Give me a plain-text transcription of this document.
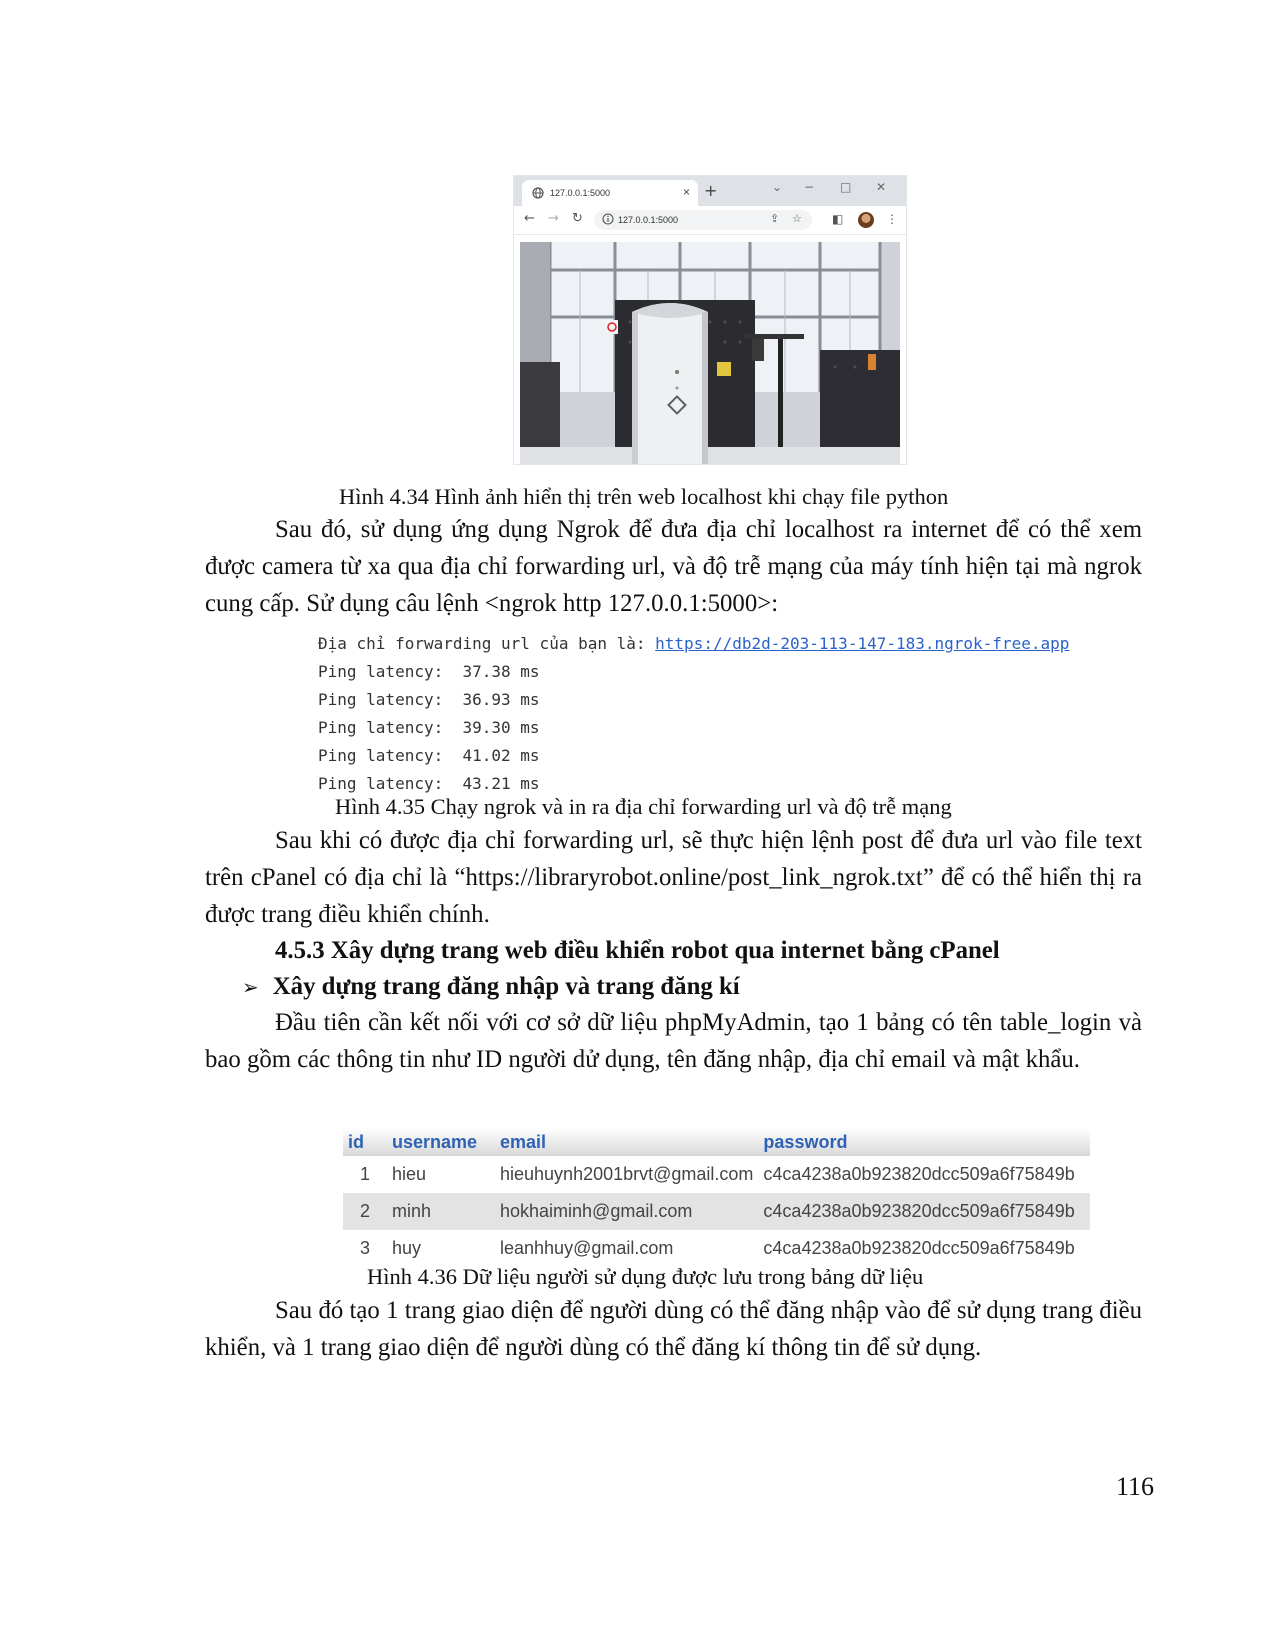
127.0.0.1:5000	× +	⌄ − □ ✕
← → ↻	127.0.0.1:5000	⇪ ☆	◧	⋮
Hình 4.34 Hình ảnh hiển thị trên web localhost khi chạy file python
Sau đó, sử dụng ứng dụng Ngrok để đưa địa chỉ localhost ra internet để có thể xem được camera từ xa qua địa chỉ forwarding url, và độ trễ mạng của máy tính hiện tại mà ngrok cung cấp. Sử dụng câu lệnh <ngrok http 127.0.0.1:5000>:
Địa chỉ forwarding url của bạn là: https://db2d-203-113-147-183.ngrok-free.app
Ping latency:  37.38 ms
Ping latency:  36.93 ms
Ping latency:  39.30 ms
Ping latency:  41.02 ms
Ping latency:  43.21 ms
Hình 4.35 Chạy ngrok và in ra địa chỉ forwarding url và độ trễ mạng
Sau khi có được địa chỉ forwarding url, sẽ thực hiện lệnh post để đưa url vào file text trên cPanel có địa chỉ là “https://libraryrobot.online/post_link_ngrok.txt” để có thể hiển thị ra được trang điều khiển chính.
4.5.3 Xây dựng trang web điều khiển robot qua internet bằng cPanel
➢ Xây dựng trang đăng nhập và trang đăng kí
Đầu tiên cần kết nối với cơ sở dữ liệu phpMyAdmin, tạo 1 bảng có tên table_login và bao gồm các thông tin như ID người dử dụng, tên đăng nhập, địa chỉ email và mật khẩu.
id	username	email	password
1	hieu	hieuhuynh2001brvt@gmail.com	c4ca4238a0b923820dcc509a6f75849b
2	minh	hokhaiminh@gmail.com	c4ca4238a0b923820dcc509a6f75849b
3	huy	leanhhuy@gmail.com	c4ca4238a0b923820dcc509a6f75849b
Hình 4.36 Dữ liệu người sử dụng được lưu trong bảng dữ liệu
Sau đó tạo 1 trang giao diện để người dùng có thể đăng nhập vào để sử dụng trang điều khiển, và 1 trang giao diện để người dùng có thể đăng kí thông tin để sử dụng.
116
